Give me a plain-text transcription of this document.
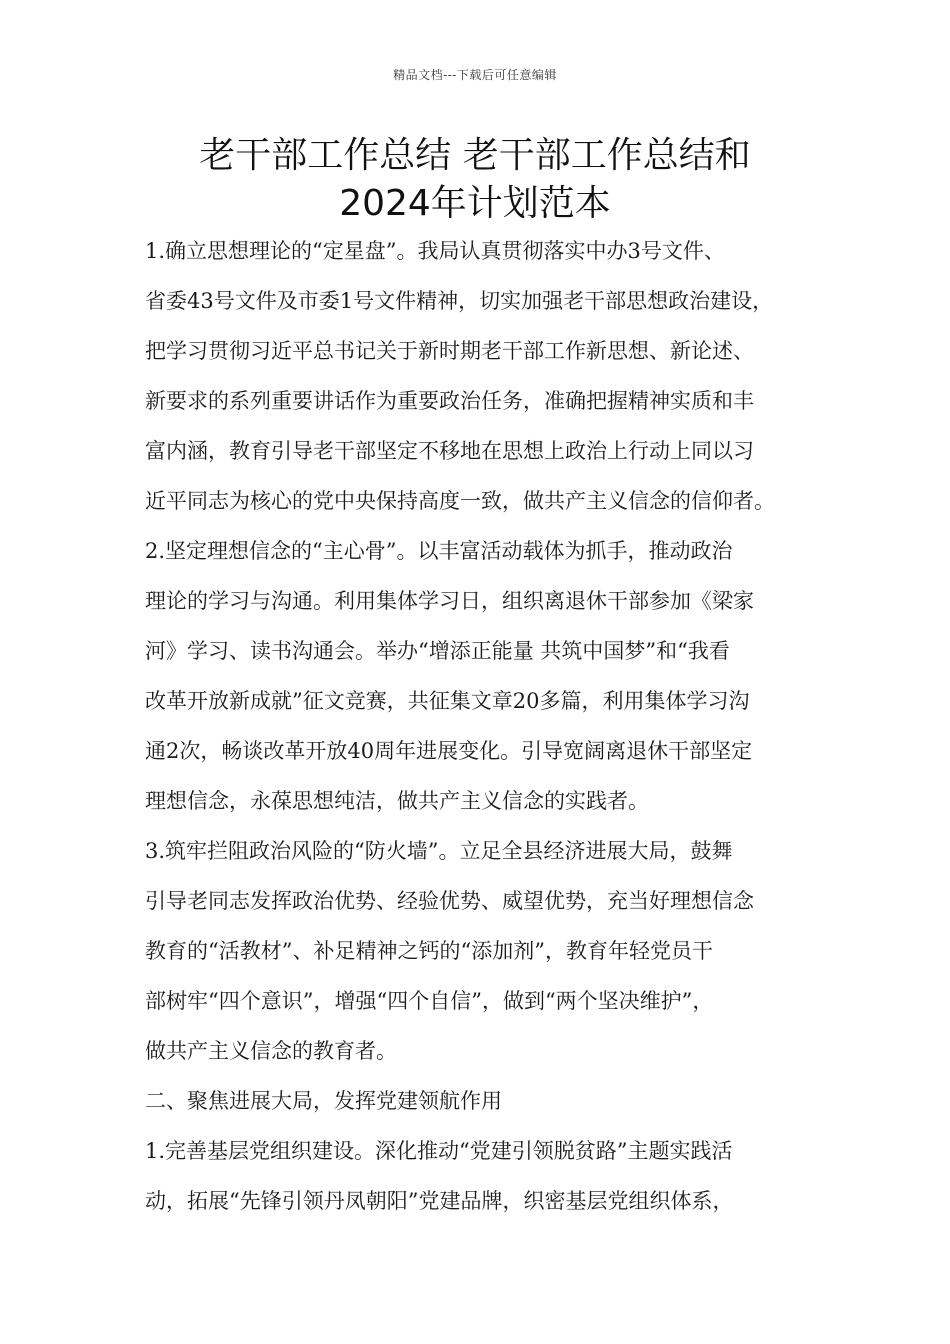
精品文档---下载后可任意编辑
老干部工作总结 老干部工作总结和
2024年计划范本
1.确立思想理论的“定星盘”。我局认真贯彻落实中办3号文件、
省委43号文件及市委1号文件精神，切实加强老干部思想政治建设，
把学习贯彻习近平总书记关于新时期老干部工作新思想、新论述、
新要求的系列重要讲话作为重要政治任务，准确把握精神实质和丰
富内涵，教育引导老干部坚定不移地在思想上政治上行动上同以习
近平同志为核心的党中央保持高度一致，做共产主义信念的信仰者。
2.坚定理想信念的“主心骨”。以丰富活动载体为抓手，推动政治
理论的学习与沟通。利用集体学习日，组织离退休干部参加《梁家
河》学习、读书沟通会。举办“增添正能量 共筑中国梦”和“我看
改革开放新成就”征文竞赛，共征集文章20多篇，利用集体学习沟
通2次，畅谈改革开放40周年进展变化。引导宽阔离退休干部坚定
理想信念，永葆思想纯洁，做共产主义信念的实践者。
3.筑牢拦阻政治风险的“防火墙”。立足全县经济进展大局，鼓舞
引导老同志发挥政治优势、经验优势、威望优势，充当好理想信念
教育的“活教材”、补足精神之钙的“添加剂”，教育年轻党员干
部树牢“四个意识”，增强“四个自信”，做到“两个坚决维护”，
做共产主义信念的教育者。
二、聚焦进展大局，发挥党建领航作用
1.完善基层党组织建设。深化推动“党建引领脱贫路”主题实践活
动，拓展“先锋引领丹凤朝阳”党建品牌，织密基层党组织体系，
